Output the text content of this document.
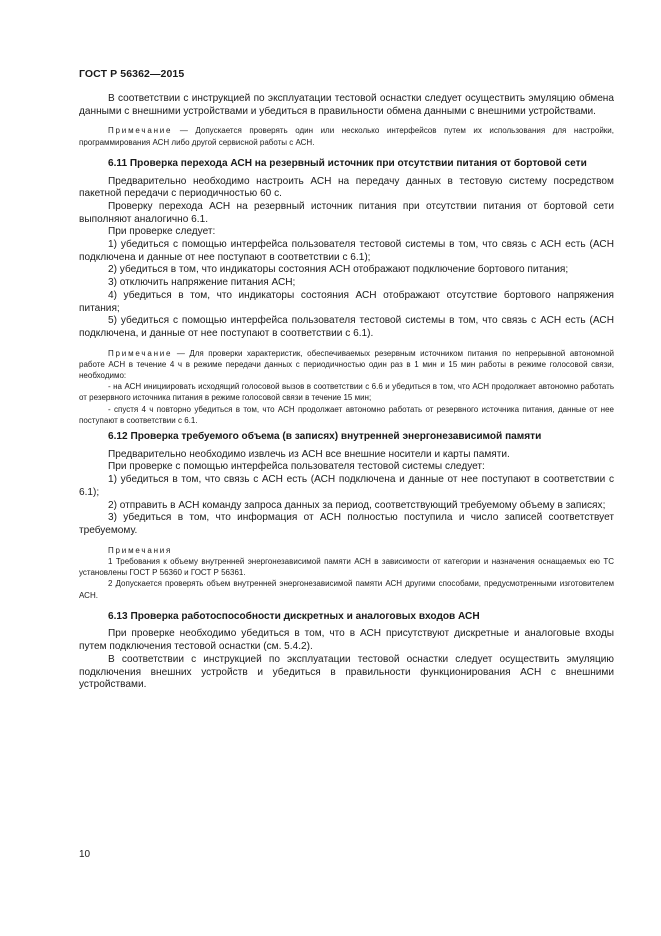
ГОСТ Р 56362—2015

В соответствии с инструкцией по эксплуатации тестовой оснастки следует осуществить эмуляцию обмена данными с внешними устройствами и убедиться в правильности обмена данными с внешними устройствами.

Примечание — Допускается проверять один или несколько интерфейсов путем их использования для настройки, программирования АСН либо другой сервисной работы с АСН.

6.11 Проверка перехода АСН на резервный источник при отсутствии питания от бортовой сети

Предварительно необходимо настроить АСН на передачу данных в тестовую систему посредством пакетной передачи с периодичностью 60 с.

Проверку перехода АСН на резервный источник питания при отсутствии питания от бортовой сети выполняют аналогично 6.1.

При проверке следует:

1) убедиться с помощью интерфейса пользователя тестовой системы в том, что связь с АСН есть (АСН подключена и данные от нее поступают в соответствии с 6.1);

2) убедиться в том, что индикаторы состояния АСН отображают подключение бортового питания;

3) отключить напряжение питания АСН;

4) убедиться в том, что индикаторы состояния АСН отображают отсутствие бортового напряжения питания;

5) убедиться с помощью интерфейса пользователя тестовой системы в том, что связь с АСН есть (АСН подключена, и данные от нее поступают в соответствии с 6.1).

Примечание — Для проверки характеристик, обеспечиваемых резервным источником питания по непрерывной автономной работе АСН в течение 4 ч в режиме передачи данных с периодичностью один раз в 1 мин и 15 мин работы в режиме голосовой связи, необходимо:

- на АСН инициировать исходящий голосовой вызов в соответствии с 6.6 и убедиться в том, что АСН продолжает автономно работать от резервного источника питания в режиме голосовой связи в течение 15 мин;

- спустя 4 ч повторно убедиться в том, что АСН продолжает автономно работать от резервного источника питания, данные от нее поступают в соответствии с 6.1.

6.12 Проверка требуемого объема (в записях) внутренней энергонезависимой памяти

Предварительно необходимо извлечь из АСН все внешние носители и карты памяти.

При проверке с помощью интерфейса пользователя тестовой системы следует:

1) убедиться в том, что связь с АСН есть (АСН подключена и данные от нее поступают в соответствии с 6.1);

2) отправить в АСН команду запроса данных за период, соответствующий требуемому объему в записях;

3) убедиться в том, что информация от АСН полностью поступила и число записей соответствует требуемому.

Примечания

1 Требования к объему внутренней энергонезависимой памяти АСН в зависимости от категории и назначения оснащаемых ею ТС установлены ГОСТ Р 56360 и ГОСТ Р 56361.

2 Допускается проверять объем внутренней энергонезависимой памяти АСН другими способами, предусмотренными изготовителем АСН.

6.13 Проверка работоспособности дискретных и аналоговых входов АСН

При проверке необходимо убедиться в том, что в АСН присутствуют дискретные и аналоговые входы путем подключения тестовой оснастки (см. 5.4.2).

В соответствии с инструкцией по эксплуатации тестовой оснастки следует осуществить эмуляцию подключения внешних устройств и убедиться в правильности функционирования АСН с внешними устройствами.

10
